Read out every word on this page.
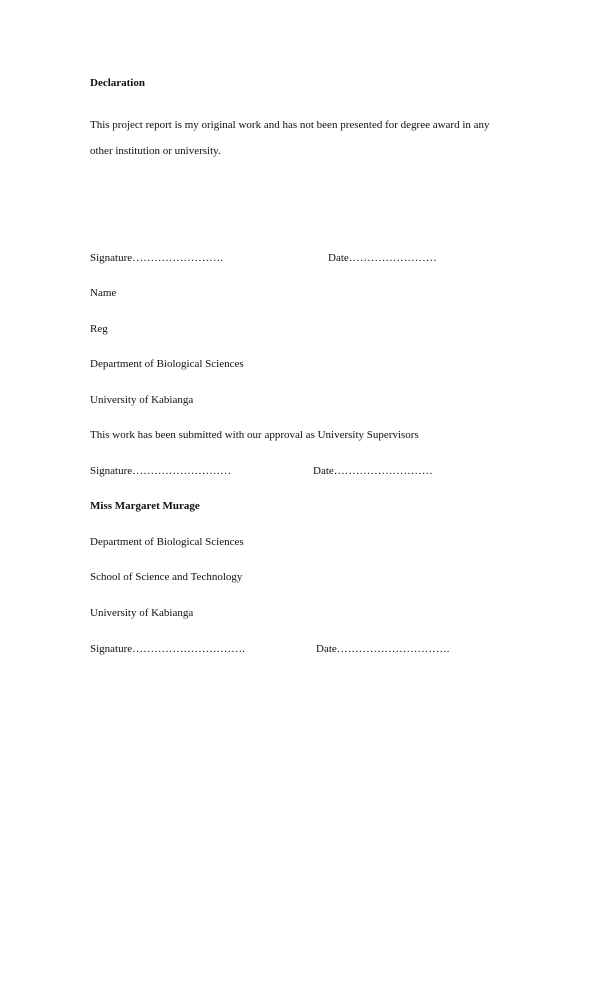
Declaration
This project report is my original work and has not been presented for degree award in any
other institution or university.
Signature…………………….	Date……………………
Name
Reg
Department of Biological Sciences
University of Kabianga
This work has been submitted with our approval as University Supervisors
Signature………………………	Date………………………
Miss Margaret Murage
Department of Biological Sciences
School of Science and Technology
University of Kabianga
Signature………………………….	Date………………………….
